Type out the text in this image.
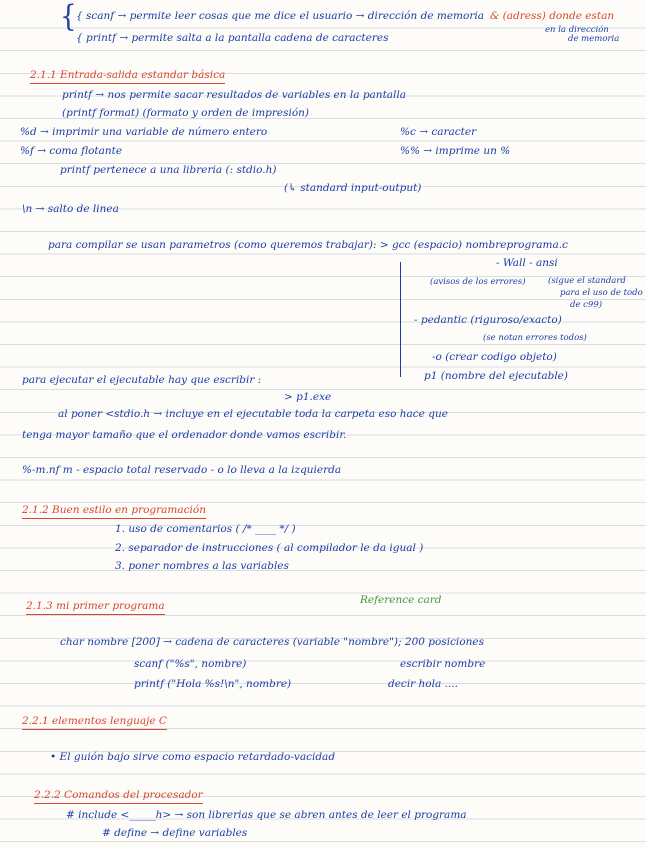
{ { scanf → permite leer cosas que me dice el usuario → dirección de memoria & (adress) donde estan
en la dirección
de memoria
{ printf → permite salta a la pantalla cadena de caracteres
2.1.1 Entrada-salida estandar básica
printf → nos permite sacar resultados de variables en la pantalla
(printf format) (formato y orden de impresión)
%d → imprimir una variable de número entero	%c → caracter
%f → coma flotante	%% → imprime un %
printf pertenece a una libreria (: stdio.h)
(↳ standard input-output)
\n → salto de linea
para compilar se usan parametros (como queremos trabajar): > gcc (espacio) nombreprograma.c
- Wall - ansi
(avisos de los errores)	(sigue el standard
para el uso de todo
de c99)
- pedantic (riguroso/exacto)
(se notan errores todos)
-o (crear codigo objeto)
para ejecutar el ejecutable hay que escribir :	p1 (nombre del ejecutable)
> p1.exe
al poner <stdio.h → incluye en el ejecutable toda la carpeta eso hace que
tenga mayor tamaño que el ordenador donde vamos escribir.
%-m.nf m - espacio total reservado - o lo lleva a la izquierda
2.1.2 Buen estilo en programación
1. uso de comentarios ( /* ____ */ )
2. separador de instrucciones ( al compilador le da igual )
3. poner nombres a las variables
2.1.3 mi primer programa	Reference card
char nombre [200] → cadena de caracteres (variable "nombre"); 200 posiciones
scanf ("%s", nombre)	escribir nombre
printf ("Hola %s!\n", nombre)	decir hola ....
2.2.1 elementos lenguaje C
• El guión bajo sirve como espacio retardado-vacidad
2.2.2 Comandos del procesador
# include <_____h> → son librerias que se abren antes de leer el programa
# define → define variables
